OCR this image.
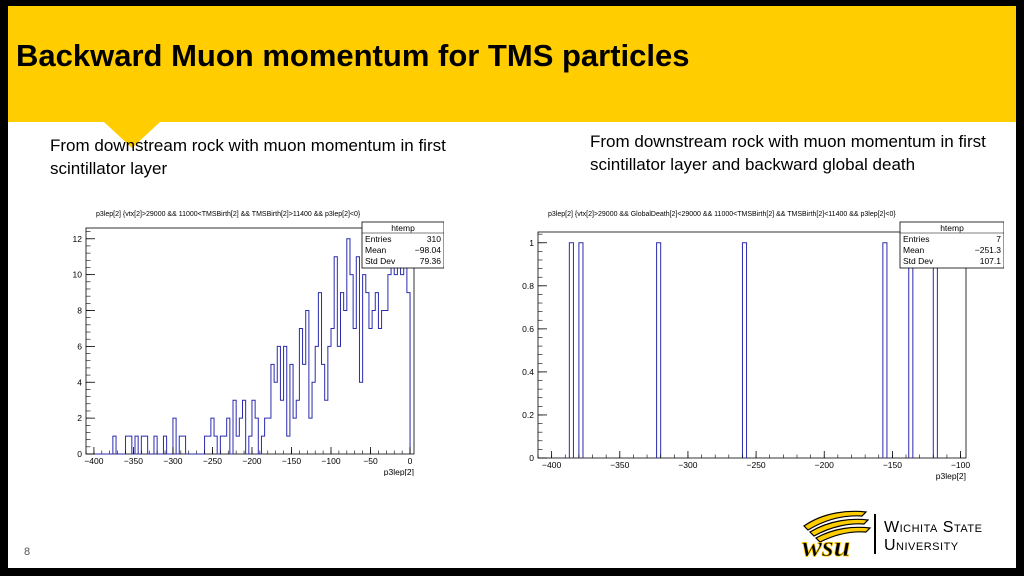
Backward Muon momentum for TMS particles
From downstream rock with muon momentum in first scintillator layer
From downstream rock with muon momentum in first scintillator layer and backward global death
p3lep[2] {vtx[2]>29000 && 11000<TMSBirth[2] && TMSBirth[2]>11400 && p3lep[2]<0}
−400 −350 −300 −250 −200 −150 −100	−50	0
p3lep[2]
0
2
4
6
8
10
12
htemp
Entries	310
Mean	−98.04
Std Dev	79.36
p3lep[2] {vtx[2]>29000 && GlobalDeath[2]<29000 && 11000<TMSBirth[2] && TMSBirth[2]<11400 && p3lep[2]<0}
−400	−350	−300	−250	−200	−150	−100
p3lep[2]
0
0.2
0.4
0.6
0.8
1
htemp
Entries	7
Mean	−251.3
Std Dev	107.1
8	wsu
Wichita State
University
